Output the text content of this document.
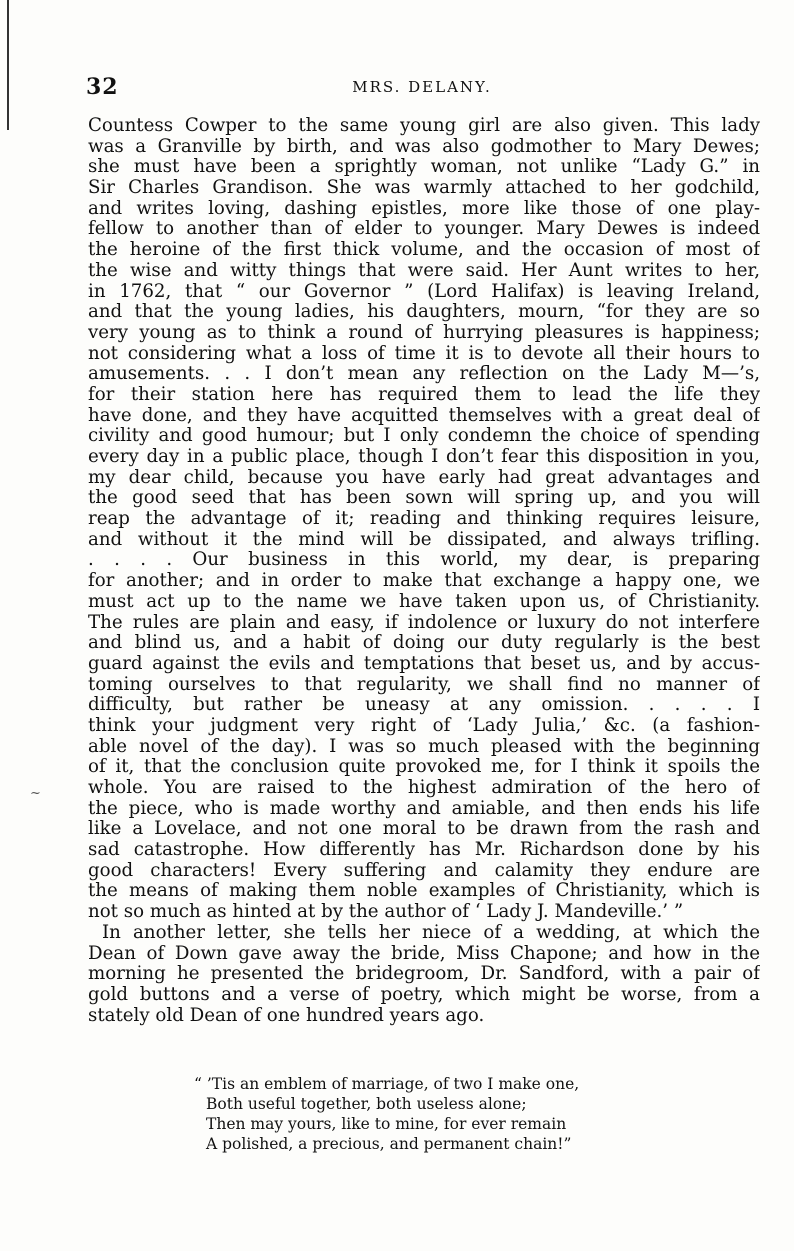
32	MRS. DELANY.
~
Countess Cowper to the same young girl are also given. This lady
was a Granville by birth, and was also godmother to Mary Dewes;
she must have been a sprightly woman, not unlike “Lady G.” in
Sir Charles Grandison. She was warmly attached to her godchild,
and writes loving, dashing epistles, more like those of one play-
fellow to another than of elder to younger. Mary Dewes is indeed
the heroine of the first thick volume, and the occasion of most of
the wise and witty things that were said. Her Aunt writes to her,
in 1762, that “ our Governor ” (Lord Halifax) is leaving Ireland,
and that the young ladies, his daughters, mourn, “for they are so
very young as to think a round of hurrying pleasures is happiness;
not considering what a loss of time it is to devote all their hours to
amusements. . . I don’t mean any reflection on the Lady M—’s,
for their station here has required them to lead the life they
have done, and they have acquitted themselves with a great deal of
civility and good humour; but I only condemn the choice of spending
every day in a public place, though I don’t fear this disposition in you,
my dear child, because you have early had great advantages and
the good seed that has been sown will spring up, and you will
reap the advantage of it; reading and thinking requires leisure,
and without it the mind will be dissipated, and always trifling.
. . . . Our business in this world, my dear, is preparing
for another; and in order to make that exchange a happy one, we
must act up to the name we have taken upon us, of Christianity.
The rules are plain and easy, if indolence or luxury do not interfere
and blind us, and a habit of doing our duty regularly is the best
guard against the evils and temptations that beset us, and by accus-
toming ourselves to that regularity, we shall find no manner of
difficulty, but rather be uneasy at any omission. . . . . I
think your judgment very right of ‘Lady Julia,’ &c. (a fashion-
able novel of the day). I was so much pleased with the beginning
of it, that the conclusion quite provoked me, for I think it spoils the
whole. You are raised to the highest admiration of the hero of
the piece, who is made worthy and amiable, and then ends his life
like a Lovelace, and not one moral to be drawn from the rash and
sad catastrophe. How differently has Mr. Richardson done by his
good characters! Every suffering and calamity they endure are
the means of making them noble examples of Christianity, which is
not so much as hinted at by the author of ‘ Lady J. Mandeville.’ ”
In another letter, she tells her niece of a wedding, at which the
Dean of Down gave away the bride, Miss Chapone; and how in the
morning he presented the bridegroom, Dr. Sandford, with a pair of
gold buttons and a verse of poetry, which might be worse, from a
stately old Dean of one hundred years ago.
“ ’Tis an emblem of marriage, of two I make one,
Both useful together, both useless alone;
Then may yours, like to mine, for ever remain
A polished, a precious, and permanent chain!”
